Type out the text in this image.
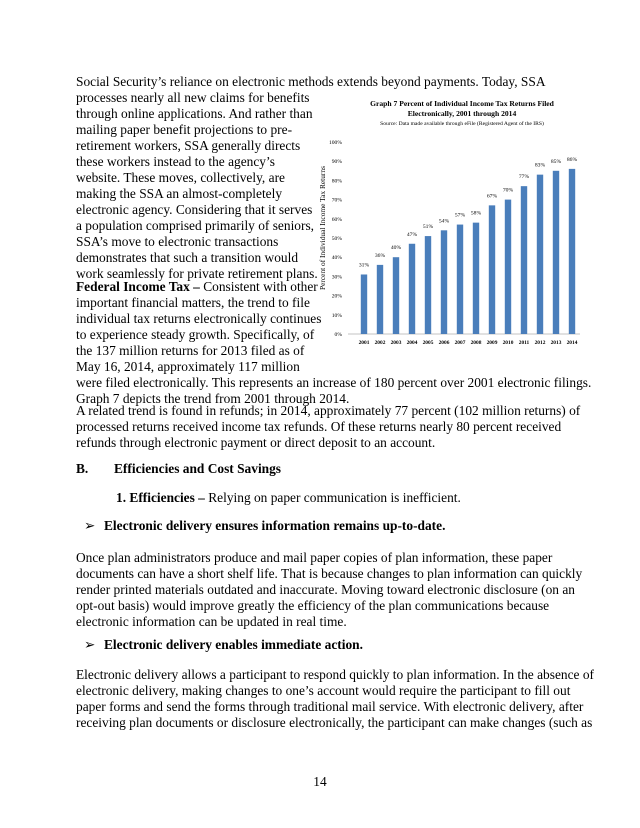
Social Security’s reliance on electronic methods extends beyond payments. Today, SSA
processes nearly all new claims for benefits
through online applications. And rather than
mailing paper benefit projections to pre-
retirement workers, SSA generally directs
these workers instead to the agency’s
website. These moves, collectively, are
making the SSA an almost-completely
electronic agency. Considering that it serves
a population comprised primarily of seniors,
SSA’s move to electronic transactions
demonstrates that such a transition would
work seamlessly for private retirement plans.
Federal Income Tax – Consistent with other
important financial matters, the trend to file
individual tax returns electronically continues
to experience steady growth. Specifically, of
the 137 million returns for 2013 filed as of
May 16, 2014, approximately 117 million
were filed electronically. This represents an increase of 180 percent over 2001 electronic filings.
Graph 7 depicts the trend from 2001 through 2014.
A related trend is found in refunds; in 2014, approximately 77 percent (102 million returns) of
processed returns received income tax refunds. Of these returns nearly 80 percent received
refunds through electronic payment or direct deposit to an account.
B. Efficiencies and Cost Savings
1. Efficiencies – Relying on paper communication is inefficient.
➢ Electronic delivery ensures information remains up-to-date.
Once plan administrators produce and mail paper copies of plan information, these paper
documents can have a short shelf life. That is because changes to plan information can quickly
render printed materials outdated and inaccurate. Moving toward electronic disclosure (on an
opt-out basis) would improve greatly the efficiency of the plan communications because
electronic information can be updated in real time.
14
Graph 7 Percent of Individual Income Tax Returns Filed
Electronically, 2001 through 2014
Source: Data made available through eFile (Registered Agent of the IRS)
Percent of Individual Income Tax Returns
0%
10%
20%
30%
40%
50%
60%
70%
80%
90%
100%
31%
2001
36%
2002
40%
2003
47%
2004
51%
2005
54%
2006
57%
2007
58%
2008
67%
2009
70%
2010
77%
2011
83%
2012
85%
2013
86%
2014
➢ Electronic delivery enables immediate action.
Electronic delivery allows a participant to respond quickly to plan information. In the absence of
electronic delivery, making changes to one’s account would require the participant to fill out
paper forms and send the forms through traditional mail service. With electronic delivery, after
receiving plan documents or disclosure electronically, the participant can make changes (such as
